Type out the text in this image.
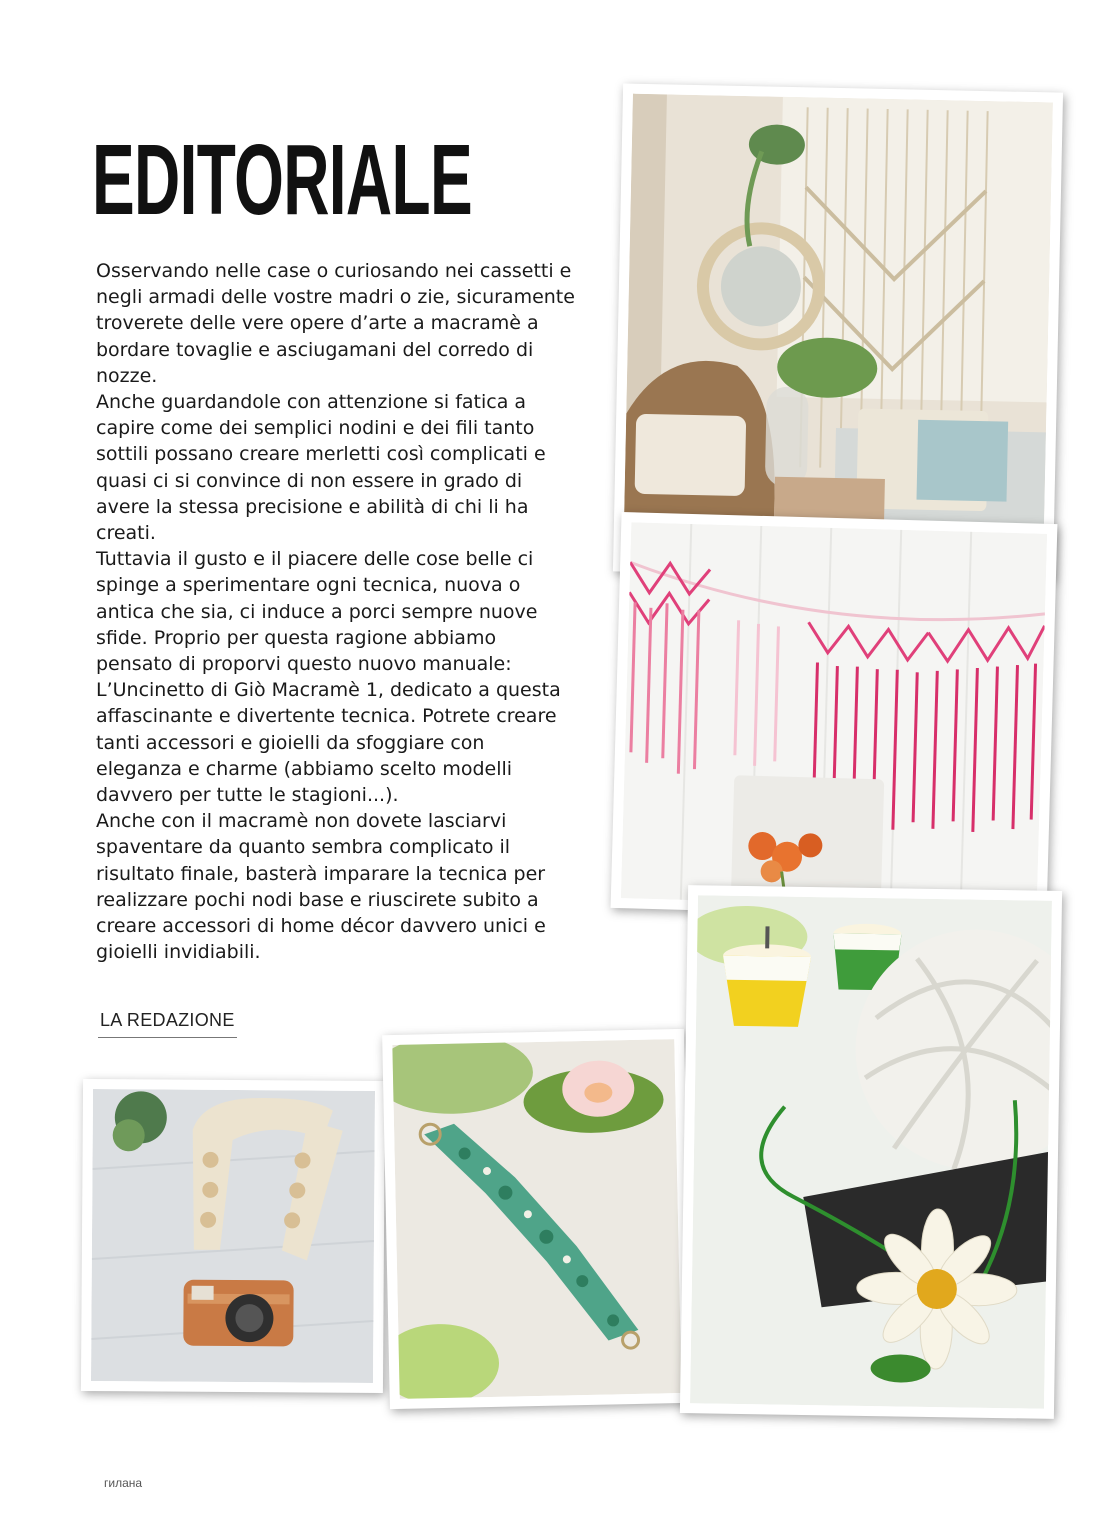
EDITORIALE

Osservando nelle case o curiosando nei cassetti e negli armadi delle vostre madri o zie, sicuramente troverete delle vere opere d’arte a macramè a bordare tovaglie e asciugamani del corredo di nozze.

Anche guardandole con attenzione si fatica a capire come dei semplici nodini e dei fili tanto sottili possano creare merletti così complicati e quasi ci si convince di non essere in grado di avere la stessa precisione e abilità di chi li ha creati.

Tuttavia il gusto e il piacere delle cose belle ci spinge a sperimentare ogni tecnica, nuova o antica che sia, ci induce a porci sempre nuove sfide. Proprio per questa ragione abbiamo pensato di proporvi questo nuovo manuale: L’Uncinetto di Giò Macramè 1, dedicato a questa affascinante e divertente tecnica. Potrete creare tanti accessori e gioielli da sfoggiare con eleganza e charme (abbiamo scelto modelli davvero per tutte le stagioni...).

Anche con il macramè non dovete lasciarvi spaventare da quanto sembra complicato il risultato finale, basterà imparare la tecnica per realizzare pochi nodi base e riuscirete subito a creare accessori di home décor davvero unici e gioielli invidiabili.

LA REDAZIONE
гилана
